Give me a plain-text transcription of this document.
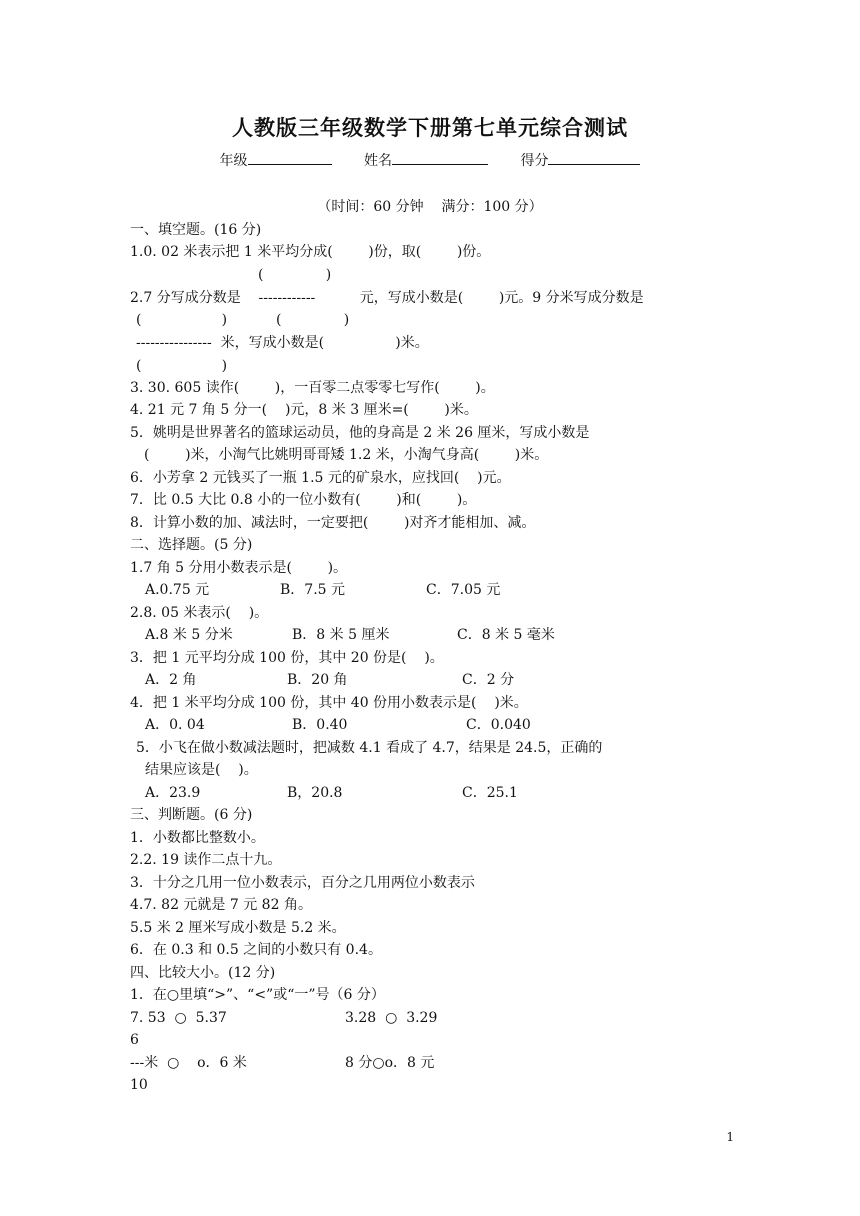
人教版三年级数学下册第七单元综合测试
年级	姓名	得分
（时间：60 分钟    满分：100 分）
一、填空题。(16 分)
1.0. 02 米表示把 1 米平均分成(        )份，取(        )份。
(              )
2.7 分写成分数是    ------------          元，写成小数是(        )元。9 分米写成分数是
(                  )           (              )
----------------  米，写成小数是(                )米。
(                  )
3. 30. 605 读作(        )，一百零二点零零七写作(        )。
4. 21 元 7 角 5 分一(    )元，8 米 3 厘米=(        )米。
5．姚明是世界著名的篮球运动员，他的身高是 2 米 26 厘米，写成小数是
(        )米，小淘气比姚明哥哥矮 1.2 米，小淘气身高(        )米。
6．小芳拿 2 元钱买了一瓶 1.5 元的矿泉水，应找回(    )元。
7．比 0.5 大比 0.8 小的一位小数有(        )和(        )。
8．计算小数的加、减法时，一定要把(        )对齐才能相加、减。
二、选择题。(5 分)
1.7 角 5 分用小数表示是(        )。
A.0.75 元	B．7.5 元	C．7.05 元
2.8. 05 米表示(    )。
A.8 米 5 分米	B．8 米 5 厘米	C．8 米 5 毫米
3．把 1 元平均分成 100 份，其中 20 份是(    )。
A．2 角	B．20 角	C．2 分
4．把 1 米平均分成 100 份，其中 40 份用小数表示是(    )米。
A．0. 04	B．0.40	C．0.040
5．小飞在做小数减法题时，把减数 4.1 看成了 4.7，结果是 24.5，正确的
结果应该是(    )。
A．23.9	B，20.8	C．25.1
三、判断题。(6 分)
1．小数都比整数小。
2.2. 19 读作二点十九。
3．十分之几用一位小数表示，百分之几用两位小数表示
4.7. 82 元就是 7 元 82 角。
5.5 米 2 厘米写成小数是 5.2 米。
6．在 0.3 和 0.5 之间的小数只有 0.4。
四、比较大小。(12 分)
1．在○里填“>”、“<”或“一”号（6 分）
7. 53  ○  5.37	3.28  ○  3.29
6
---米  ○    o．6 米	8 分○o．8 元
10
1
